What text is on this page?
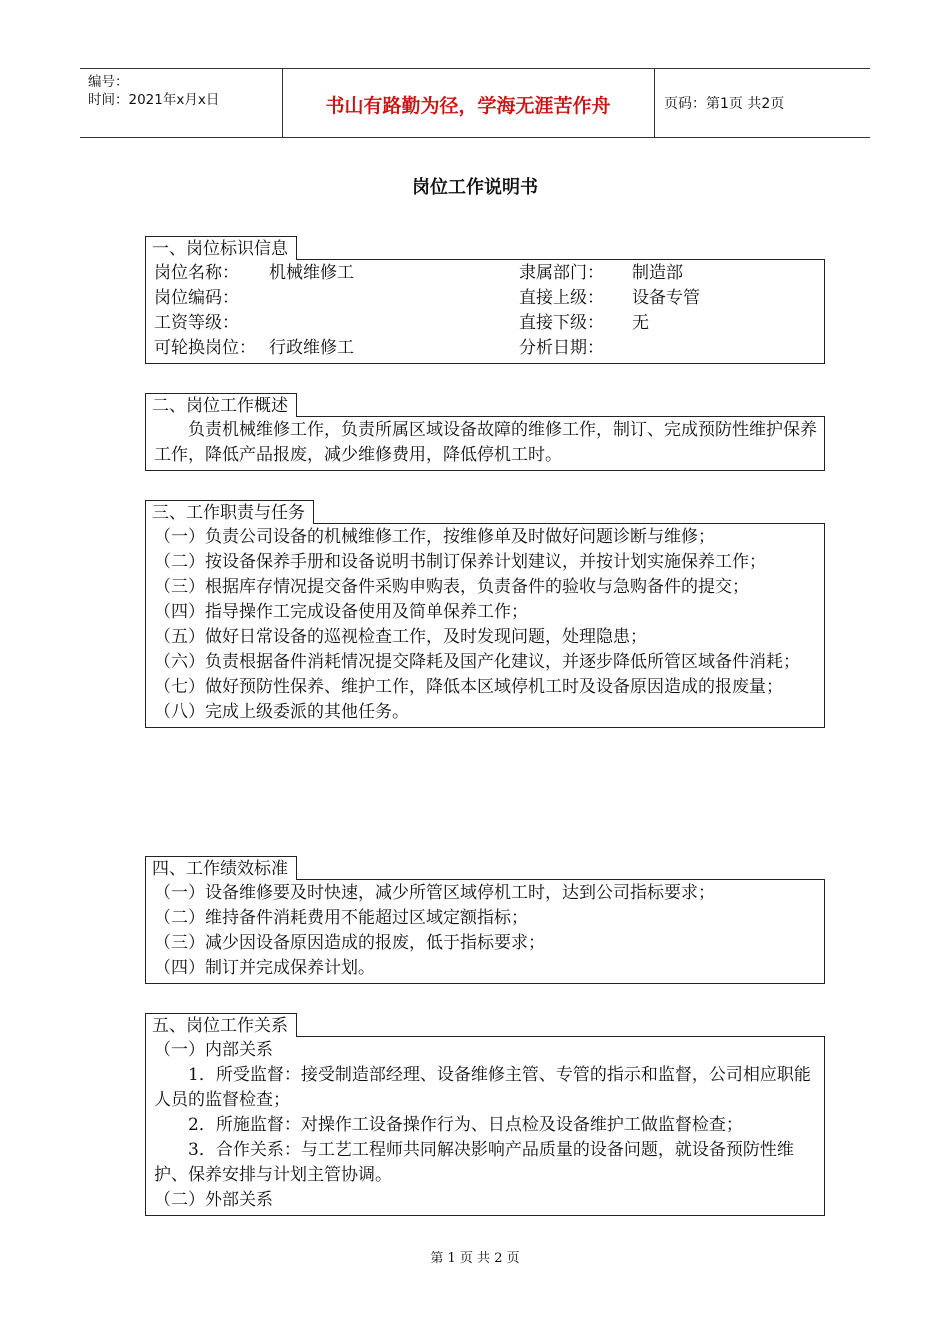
编号：
时间：2021年x月x日	书山有路勤为径，学海无涯苦作舟	页码：第1页 共2页
岗位工作说明书
一、岗位标识信息
岗位名称： 机械维修工	隶属部门： 制造部
岗位编码：	直接上级： 设备专管
工资等级：	直接下级： 无
可轮换岗位： 行政维修工	分析日期：
二、岗位工作概述
负责机械维修工作，负责所属区域设备故障的维修工作，制订、完成预防性维护保养工作，降低产品报废，减少维修费用，降低停机工时。
三、工作职责与任务
（一）负责公司设备的机械维修工作，按维修单及时做好问题诊断与维修；
（二）按设备保养手册和设备说明书制订保养计划建议，并按计划实施保养工作；
（三）根据库存情况提交备件采购申购表，负责备件的验收与急购备件的提交；
（四）指导操作工完成设备使用及简单保养工作；
（五）做好日常设备的巡视检查工作，及时发现问题，处理隐患；
（六）负责根据备件消耗情况提交降耗及国产化建议，并逐步降低所管区域备件消耗；
（七）做好预防性保养、维护工作，降低本区域停机工时及设备原因造成的报废量；
（八）完成上级委派的其他任务。
四、工作绩效标准
（一）设备维修要及时快速，减少所管区域停机工时，达到公司指标要求；
（二）维持备件消耗费用不能超过区域定额指标；
（三）减少因设备原因造成的报废，低于指标要求；
（四）制订并完成保养计划。
五、岗位工作关系
（一）内部关系
1．所受监督：接受制造部经理、设备维修主管、专管的指示和监督，公司相应职能人员的监督检查；
2．所施监督：对操作工设备操作行为、日点检及设备维护工做监督检查；
3．合作关系：与工艺工程师共同解决影响产品质量的设备问题，就设备预防性维护、保养安排与计划主管协调。
（二）外部关系
第 1 页 共 2 页
